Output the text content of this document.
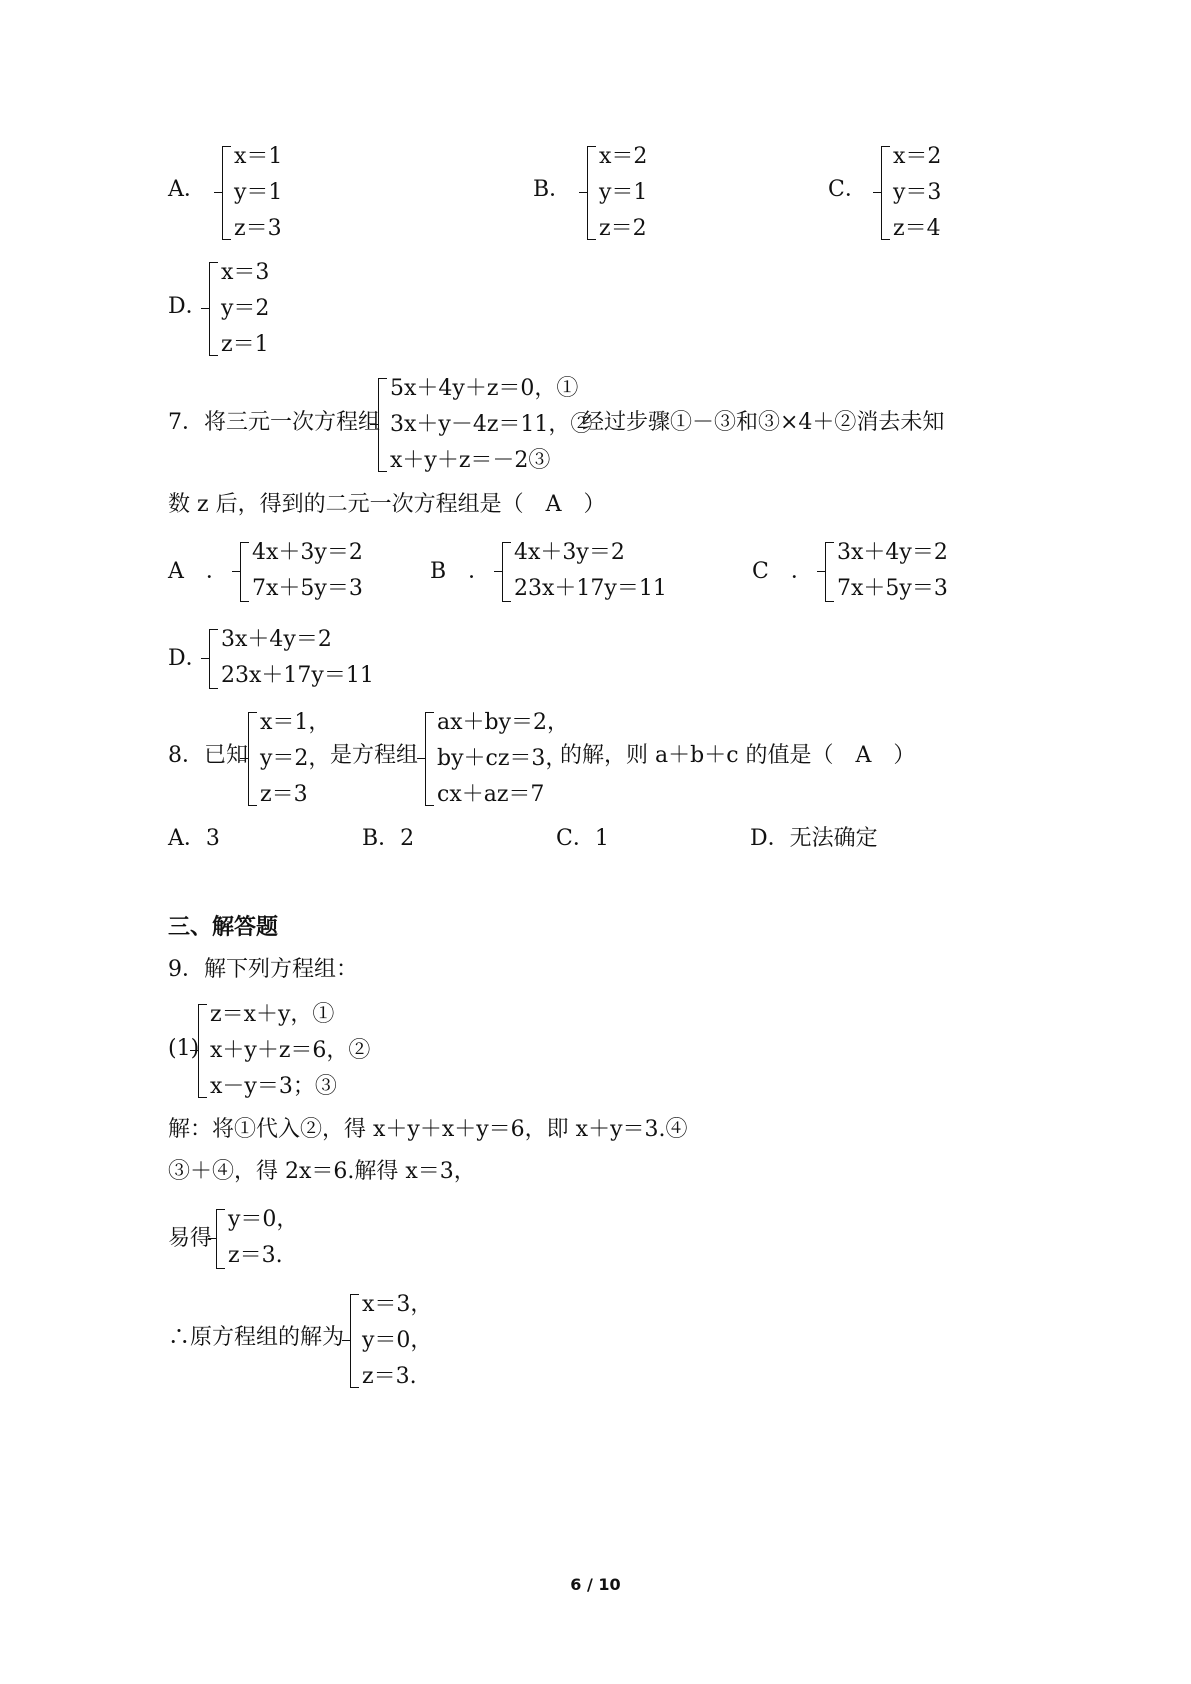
A．
x＝1
y＝1
z＝3
B．
x＝2
y＝1
z＝2
C．
x＝2
y＝3
z＝4
D．
x＝3
y＝2
z＝1
7．将三元一次方程组
5x＋4y＋z＝0，①
3x＋y－4z＝11，②
x＋y＋z＝－2③
经过步骤①－③和③×4＋②消去未知
数 z 后，得到的二元一次方程组是（　A　）
A　．
4x＋3y＝2
7x＋5y＝3
B　．
4x＋3y＝2
23x＋17y＝11
C　．
3x＋4y＝2
7x＋5y＝3
D．
3x＋4y＝2
23x＋17y＝11
8．已知
x＝1，
y＝2，
z＝3
是方程组
ax＋by＝2，
by＋cz＝3，
cx＋az＝7
的解，则 a＋b＋c 的值是（　A　）
A．3	B．2	C．1	D．无法确定
三、解答题
9．解下列方程组：
(1)
z＝x＋y，①
x＋y＋z＝6，②
x－y＝3；③
解：将①代入②，得 x＋y＋x＋y＝6，即 x＋y＝3.④
③＋④，得 2x＝6.解得 x＝3，
易得
y＝0，
z＝3.
∴原方程组的解为
x＝3，
y＝0，
z＝3.
6 / 10
